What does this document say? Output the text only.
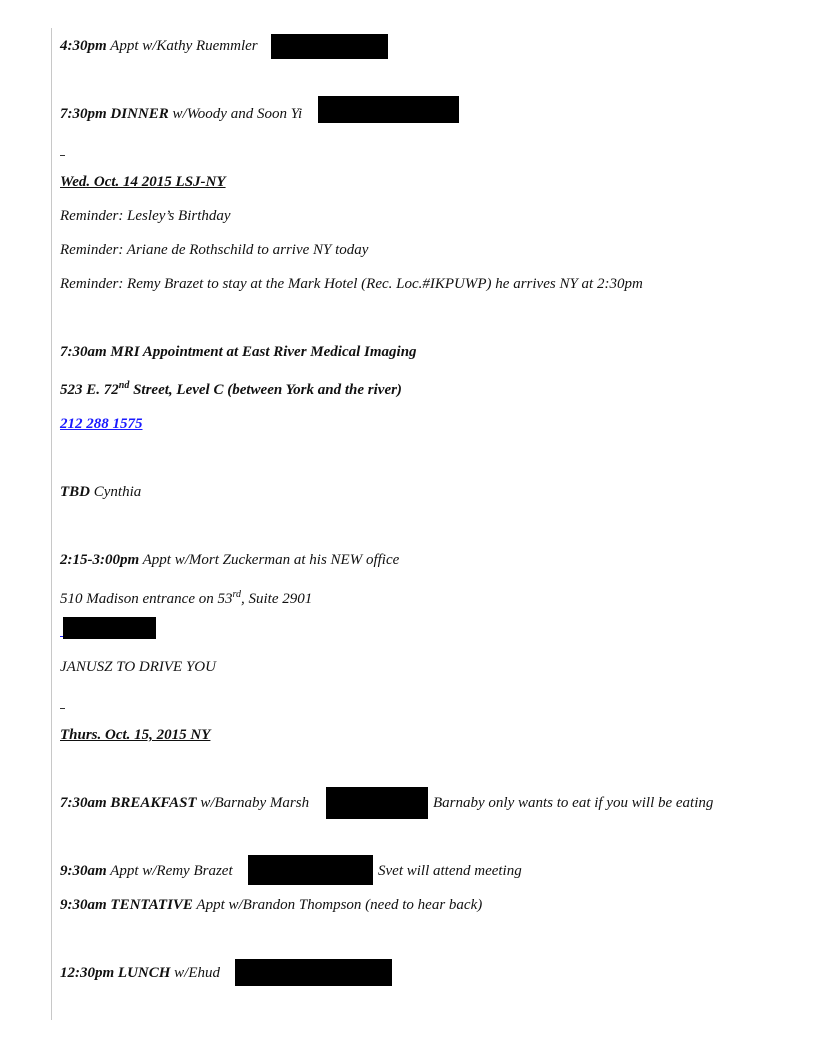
4:30pm Appt w/Kathy Ruemmler
7:30pm DINNER w/Woody and Soon Yi
Wed. Oct. 14 2015 LSJ-NY
Reminder: Lesley’s Birthday
Reminder: Ariane de Rothschild to arrive NY today
Reminder: Remy Brazet to stay at the Mark Hotel (Rec. Loc.#IKPUWP) he arrives NY at 2:30pm
7:30am MRI Appointment at East River Medical Imaging
523 E. 72nd Street, Level C (between York and the river)
212 288 1575
TBD Cynthia
2:15-3:00pm Appt w/Mort Zuckerman at his NEW office
510 Madison entrance on 53rd, Suite 2901
JANUSZ TO DRIVE YOU
Thurs. Oct. 15, 2015 NY
7:30am BREAKFAST w/Barnaby Marsh	Barnaby only wants to eat if you will be eating
9:30am Appt w/Remy Brazet	Svet will attend meeting
9:30am TENTATIVE Appt w/Brandon Thompson (need to hear back)
12:30pm LUNCH w/Ehud
